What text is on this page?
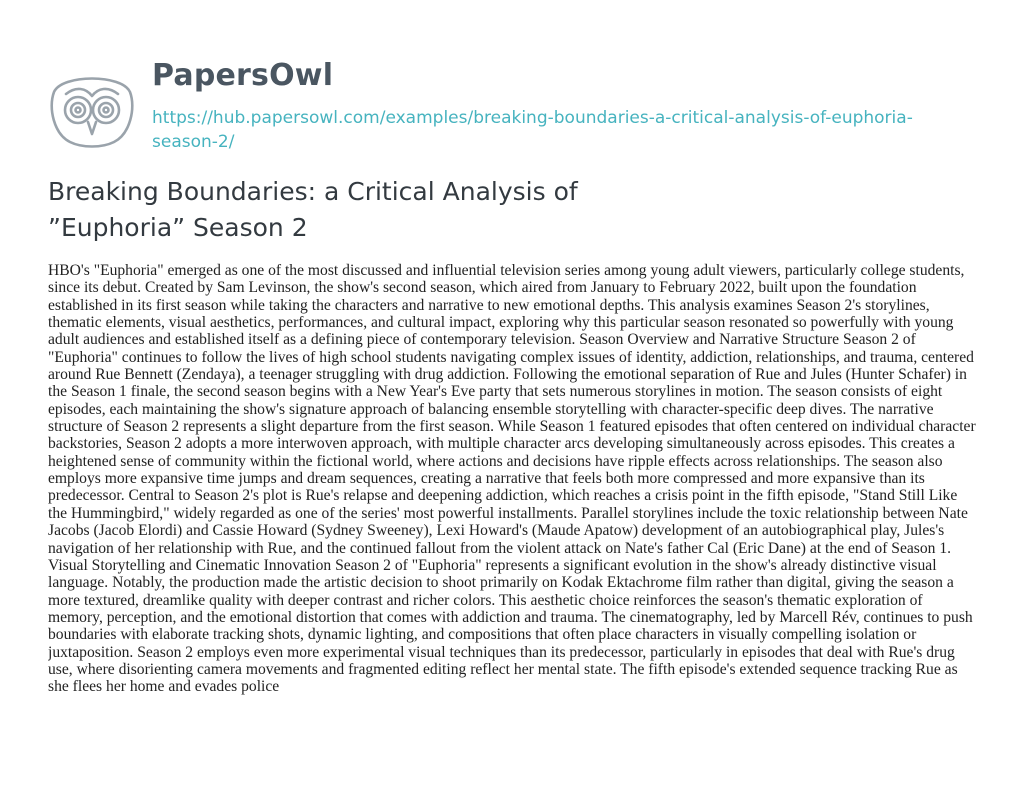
PapersOwl
https://hub.papersowl.com/examples/breaking-boundaries-a-critical-analysis-of-euphoria-season-2/
Breaking Boundaries: a Critical Analysis of ”Euphoria” Season 2

HBO's "Euphoria" emerged as one of the most discussed and influential television series among young adult viewers, particularly college students, since its debut. Created by Sam Levinson, the show's second season, which aired from January to February 2022, built upon the foundation established in its first season while taking the characters and narrative to new emotional depths. This analysis examines Season 2's storylines, thematic elements, visual aesthetics, performances, and cultural impact, exploring why this particular season resonated so powerfully with young adult audiences and established itself as a defining piece of contemporary television. Season Overview and Narrative Structure Season 2 of "Euphoria" continues to follow the lives of high school students navigating complex issues of identity, addiction, relationships, and trauma, centered around Rue Bennett (Zendaya), a teenager struggling with drug addiction. Following the emotional separation of Rue and Jules (Hunter Schafer) in the Season 1 finale, the second season begins with a New Year's Eve party that sets numerous storylines in motion. The season consists of eight episodes, each maintaining the show's signature approach of balancing ensemble storytelling with character-specific deep dives. The narrative structure of Season 2 represents a slight departure from the first season. While Season 1 featured episodes that often centered on individual character backstories, Season 2 adopts a more interwoven approach, with multiple character arcs developing simultaneously across episodes. This creates a heightened sense of community within the fictional world, where actions and decisions have ripple effects across relationships. The season also employs more expansive time jumps and dream sequences, creating a narrative that feels both more compressed and more expansive than its predecessor. Central to Season 2's plot is Rue's relapse and deepening addiction, which reaches a crisis point in the fifth episode, "Stand Still Like the Hummingbird," widely regarded as one of the series' most powerful installments. Parallel storylines include the toxic relationship between Nate Jacobs (Jacob Elordi) and Cassie Howard (Sydney Sweeney), Lexi Howard's (Maude Apatow) development of an autobiographical play, Jules's navigation of her relationship with Rue, and the continued fallout from the violent attack on Nate's father Cal (Eric Dane) at the end of Season 1. Visual Storytelling and Cinematic Innovation Season 2 of "Euphoria" represents a significant evolution in the show's already distinctive visual language. Notably, the production made the artistic decision to shoot primarily on Kodak Ektachrome film rather than digital, giving the season a more textured, dreamlike quality with deeper contrast and richer colors. This aesthetic choice reinforces the season's thematic exploration of memory, perception, and the emotional distortion that comes with addiction and trauma. The cinematography, led by Marcell Rév, continues to push boundaries with elaborate tracking shots, dynamic lighting, and compositions that often place characters in visually compelling isolation or juxtaposition. Season 2 employs even more experimental visual techniques than its predecessor, particularly in episodes that deal with Rue's drug use, where disorienting camera movements and fragmented editing reflect her mental state. The fifth episode's extended sequence tracking Rue as she flees her home and evades police
